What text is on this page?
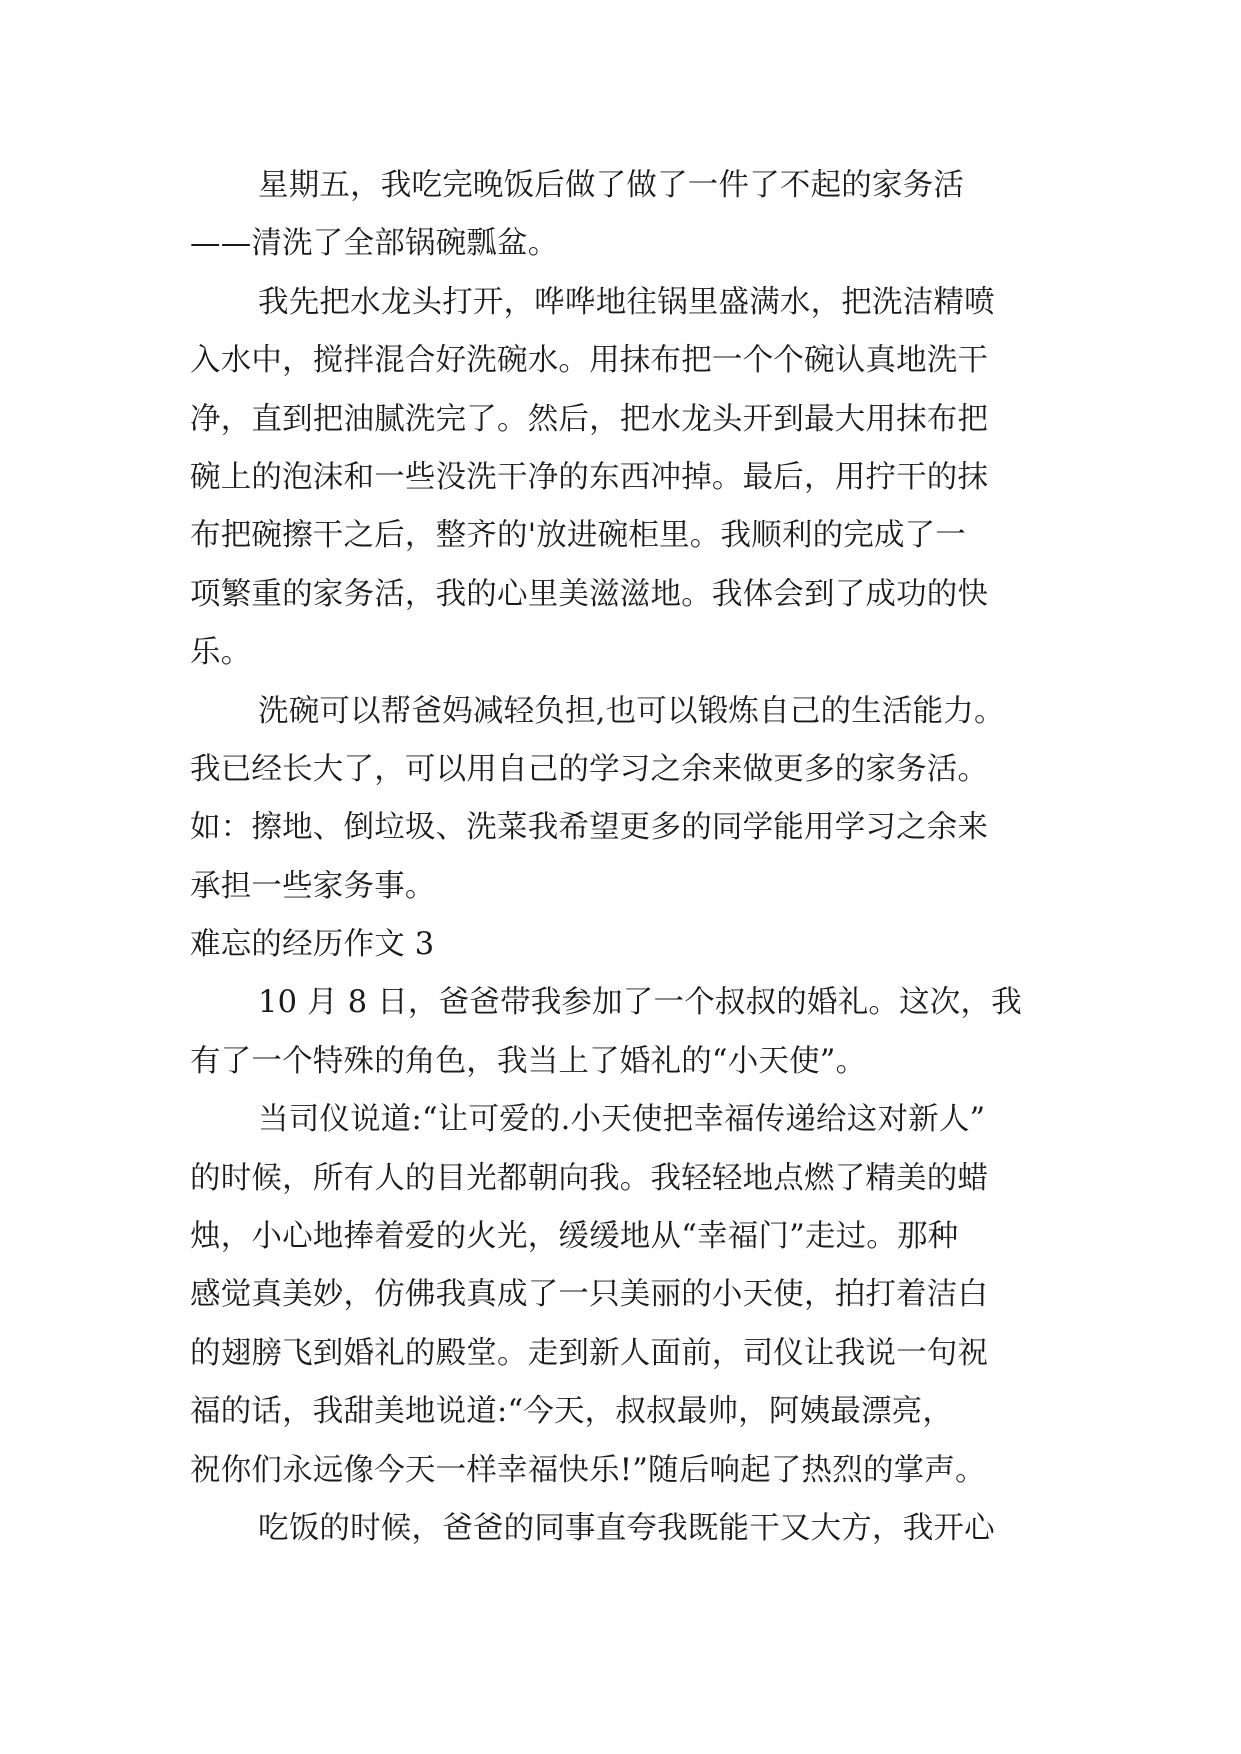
星期五，我吃完晚饭后做了做了一件了不起的家务活
——清洗了全部锅碗瓢盆。
我先把水龙头打开，哗哗地往锅里盛满水，把洗洁精喷
入水中，搅拌混合好洗碗水。用抹布把一个个碗认真地洗干
净，直到把油腻洗完了。然后，把水龙头开到最大用抹布把
碗上的泡沫和一些没洗干净的东西冲掉。最后，用拧干的抹
布把碗擦干之后，整齐的'放进碗柜里。我顺利的完成了一
项繁重的家务活，我的心里美滋滋地。我体会到了成功的快
乐。
洗碗可以帮爸妈减轻负担,也可以锻炼自己的生活能力。
我已经长大了，可以用自己的学习之余来做更多的家务活。
如：擦地、倒垃圾、洗菜我希望更多的同学能用学习之余来
承担一些家务事。
难忘的经历作文 3
10 月 8 日，爸爸带我参加了一个叔叔的婚礼。这次，我
有了一个特殊的角色，我当上了婚礼的“小天使”。
当司仪说道:“让可爱的.小天使把幸福传递给这对新人”
的时候，所有人的目光都朝向我。我轻轻地点燃了精美的蜡
烛，小心地捧着爱的火光，缓缓地从“幸福门”走过。那种
感觉真美妙，仿佛我真成了一只美丽的小天使，拍打着洁白
的翅膀飞到婚礼的殿堂。走到新人面前，司仪让我说一句祝
福的话，我甜美地说道:“今天，叔叔最帅，阿姨最漂亮，
祝你们永远像今天一样幸福快乐!”随后响起了热烈的掌声。
吃饭的时候，爸爸的同事直夸我既能干又大方，我开心
